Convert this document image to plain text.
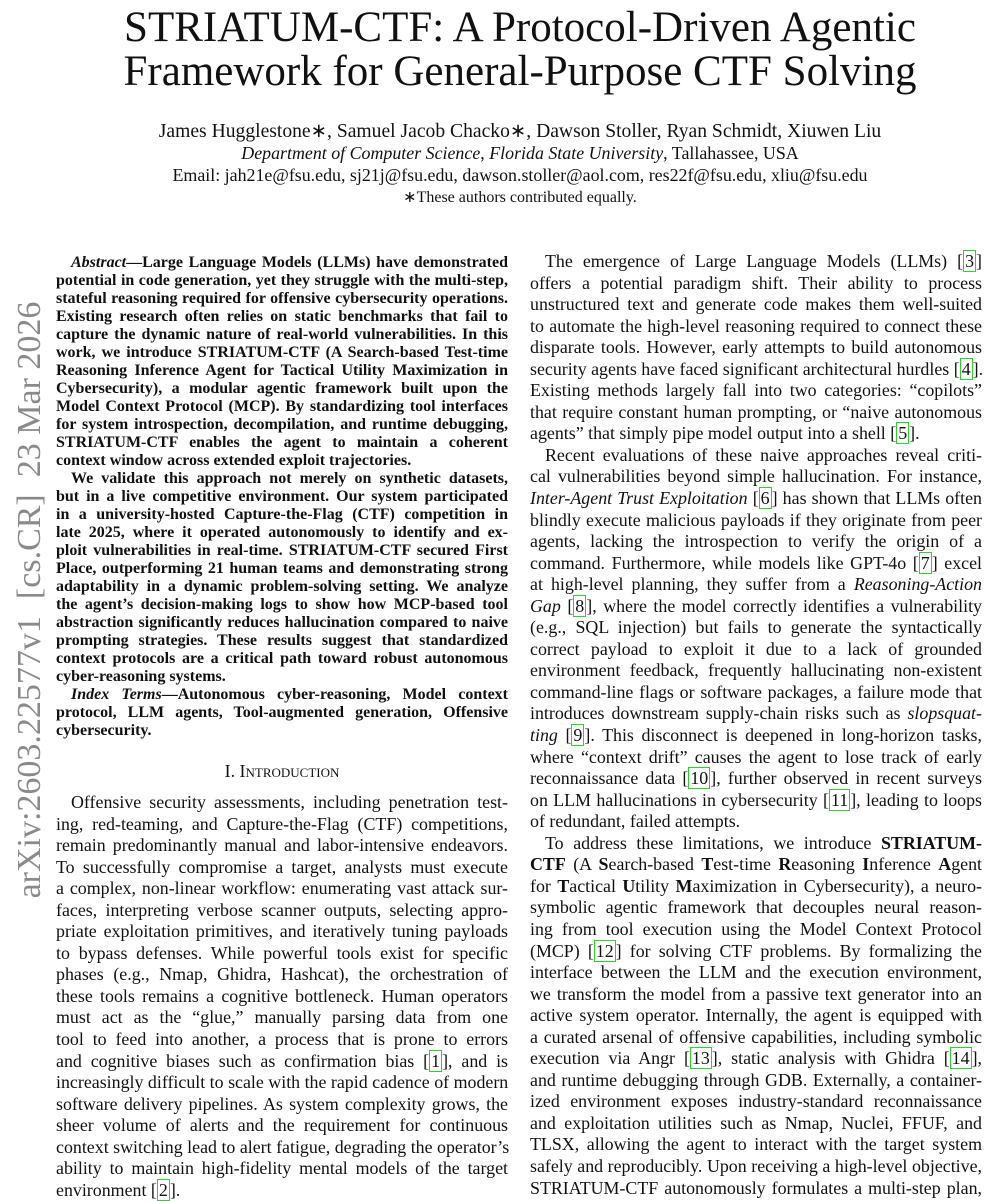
STRIATUM-CTF: A Protocol-Driven Agentic
Framework for General-Purpose CTF Solving
James Hugglestone∗, Samuel Jacob Chacko∗, Dawson Stoller, Ryan Schmidt, Xiuwen Liu
Department of Computer Science, Florida State University, Tallahassee, USA
Email: jah21e@fsu.edu, sj21j@fsu.edu, dawson.stoller@aol.com, res22f@fsu.edu, xliu@fsu.edu
∗These authors contributed equally.
arXiv:2603.22577v1  [cs.CR]  23 Mar 2026
Abstract—Large Language Models (LLMs) have demonstrated
potential in code generation, yet they struggle with the multi-step,
stateful reasoning required for offensive cybersecurity operations.
Existing research often relies on static benchmarks that fail to
capture the dynamic nature of real-world vulnerabilities. In this
work, we introduce STRIATUM-CTF (A Search-based Test-time
Reasoning Inference Agent for Tactical Utility Maximization in
Cybersecurity), a modular agentic framework built upon the
Model Context Protocol (MCP). By standardizing tool interfaces
for system introspection, decompilation, and runtime debugging,
STRIATUM-CTF enables the agent to maintain a coherent
context window across extended exploit trajectories.
We validate this approach not merely on synthetic datasets,
but in a live competitive environment. Our system participated
in a university-hosted Capture-the-Flag (CTF) competition in
late 2025, where it operated autonomously to identify and ex-
ploit vulnerabilities in real-time. STRIATUM-CTF secured First
Place, outperforming 21 human teams and demonstrating strong
adaptability in a dynamic problem-solving setting. We analyze
the agent’s decision-making logs to show how MCP-based tool
abstraction significantly reduces hallucination compared to naive
prompting strategies. These results suggest that standardized
context protocols are a critical path toward robust autonomous
cyber-reasoning systems.
Index Terms—Autonomous cyber-reasoning, Model context
protocol, LLM agents, Tool-augmented generation, Offensive
cybersecurity.
I. Introduction
Offensive security assessments, including penetration test-
ing, red-teaming, and Capture-the-Flag (CTF) competitions,
remain predominantly manual and labor-intensive endeavors.
To successfully compromise a target, analysts must execute
a complex, non-linear workflow: enumerating vast attack sur-
faces, interpreting verbose scanner outputs, selecting appro-
priate exploitation primitives, and iteratively tuning payloads
to bypass defenses. While powerful tools exist for specific
phases (e.g., Nmap, Ghidra, Hashcat), the orchestration of
these tools remains a cognitive bottleneck. Human operators
must act as the “glue,” manually parsing data from one
tool to feed into another, a process that is prone to errors
and cognitive biases such as confirmation bias [ 1 ], and is
increasingly difficult to scale with the rapid cadence of modern
software delivery pipelines. As system complexity grows, the
sheer volume of alerts and the requirement for continuous
context switching lead to alert fatigue, degrading the operator’s
ability to maintain high-fidelity mental models of the target
environment [ 2 ].
The emergence of Large Language Models (LLMs) [ 3 ]
offers a potential paradigm shift. Their ability to process
unstructured text and generate code makes them well-suited
to automate the high-level reasoning required to connect these
disparate tools. However, early attempts to build autonomous
security agents have faced significant architectural hurdles [ 4 ].
Existing methods largely fall into two categories: “copilots”
that require constant human prompting, or “naive autonomous
agents” that simply pipe model output into a shell [ 5 ].
Recent evaluations of these naive approaches reveal criti-
cal vulnerabilities beyond simple hallucination. For instance,
Inter-Agent Trust Exploitation [ 6 ] has shown that LLMs often
blindly execute malicious payloads if they originate from peer
agents, lacking the introspection to verify the origin of a
command. Furthermore, while models like GPT-4o [ 7 ] excel
at high-level planning, they suffer from a Reasoning-Action
Gap [ 8 ], where the model correctly identifies a vulnerability
(e.g., SQL injection) but fails to generate the syntactically
correct payload to exploit it due to a lack of grounded
environment feedback, frequently hallucinating non-existent
command-line flags or software packages, a failure mode that
introduces downstream supply-chain risks such as slopsquat-
ting [ 9 ]. This disconnect is deepened in long-horizon tasks,
where “context drift” causes the agent to lose track of early
reconnaissance data [ 10 ], further observed in recent surveys
on LLM hallucinations in cybersecurity [ 11 ], leading to loops
of redundant, failed attempts.
To address these limitations, we introduce STRIATUM-
CTF (A Search-based Test-time Reasoning Inference Agent
for Tactical Utility Maximization in Cybersecurity), a neuro-
symbolic agentic framework that decouples neural reason-
ing from tool execution using the Model Context Protocol
(MCP) [ 12 ] for solving CTF problems. By formalizing the
interface between the LLM and the execution environment,
we transform the model from a passive text generator into an
active system operator. Internally, the agent is equipped with
a curated arsenal of offensive capabilities, including symbolic
execution via Angr [ 13 ], static analysis with Ghidra [ 14 ],
and runtime debugging through GDB. Externally, a container-
ized environment exposes industry-standard reconnaissance
and exploitation utilities such as Nmap, Nuclei, FFUF, and
TLSX, allowing the agent to interact with the target system
safely and reproducibly. Upon receiving a high-level objective,
STRIATUM-CTF autonomously formulates a multi-step plan,
